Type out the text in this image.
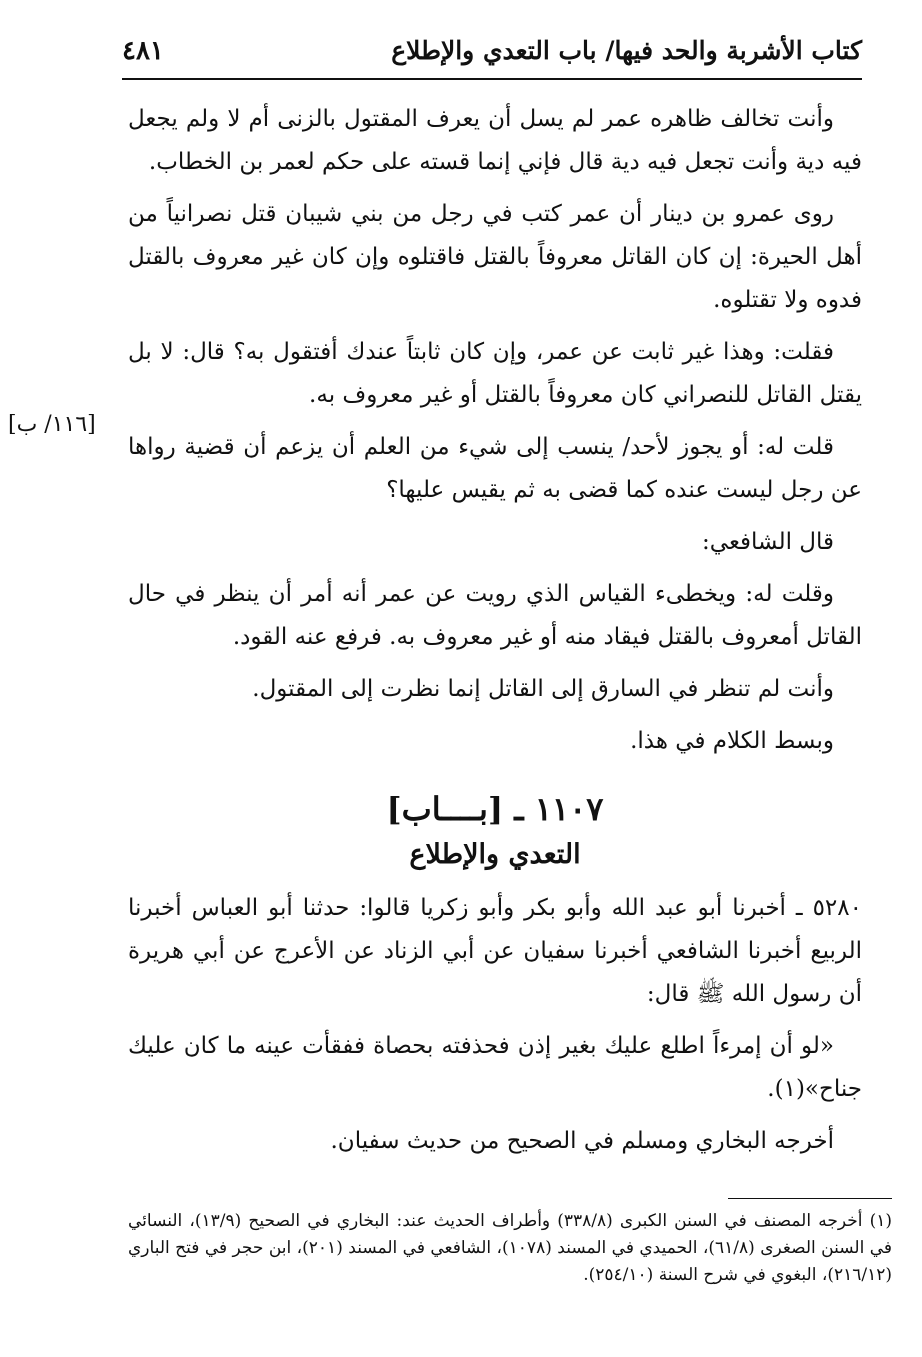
كتاب الأشربة والحد فيها/ باب التعدي والإطلاع
٤٨١
[١١٦/ ب]

وأنت تخالف ظاهره عمر لم يسل أن يعرف المقتول بالزنى أم لا ولم يجعل فيه دية وأنت تجعل فيه دية قال فإني إنما قسته على حكم لعمر بن الخطاب.

روى عمرو بن دينار أن عمر كتب في رجل من بني شيبان قتل نصرانياً من أهل الحيرة: إن كان القاتل معروفاً بالقتل فاقتلوه وإن كان غير معروف بالقتل فدوه ولا تقتلوه.

فقلت: وهذا غير ثابت عن عمر، وإن كان ثابتاً عندك أفتقول به؟ قال: لا بل يقتل القاتل للنصراني كان معروفاً بالقتل أو غير معروف به.

قلت له: أو يجوز لأحد/ ينسب إلى شيء من العلم أن يزعم أن قضية رواها عن رجل ليست عنده كما قضى به ثم يقيس عليها؟

قال الشافعي:

وقلت له: ويخطىء القياس الذي رويت عن عمر أنه أمر أن ينظر في حال القاتل أمعروف بالقتل فيقاد منه أو غير معروف به. فرفع عنه القود.

وأنت لم تنظر في السارق إلى القاتل إنما نظرت إلى المقتول.

وبسط الكلام في هذا.

١١٠٧ ـ [بــــاب]
التعدي والإطلاع

٥٢٨٠ ـ أخبرنا أبو عبد الله وأبو بكر وأبو زكريا قالوا: حدثنا أبو العباس أخبرنا الربيع أخبرنا الشافعي أخبرنا سفيان عن أبي الزناد عن الأعرج عن أبي هريرة أن رسول الله ﷺ قال:

«لو أن إمرءاً اطلع عليك بغير إذن فحذفته بحصاة ففقأت عينه ما كان عليك جناح»(١).

أخرجه البخاري ومسلم في الصحيح من حديث سفيان.

(١) أخرجه المصنف في السنن الكبرى (٣٣٨/٨) وأطراف الحديث عند: البخاري في الصحيح (١٣/٩)، النسائي في السنن الصغرى (٦١/٨)، الحميدي في المسند (١٠٧٨)، الشافعي في المسند (٢٠١)، ابن حجر في فتح الباري (٢١٦/١٢)، البغوي في شرح السنة (٢٥٤/١٠).
